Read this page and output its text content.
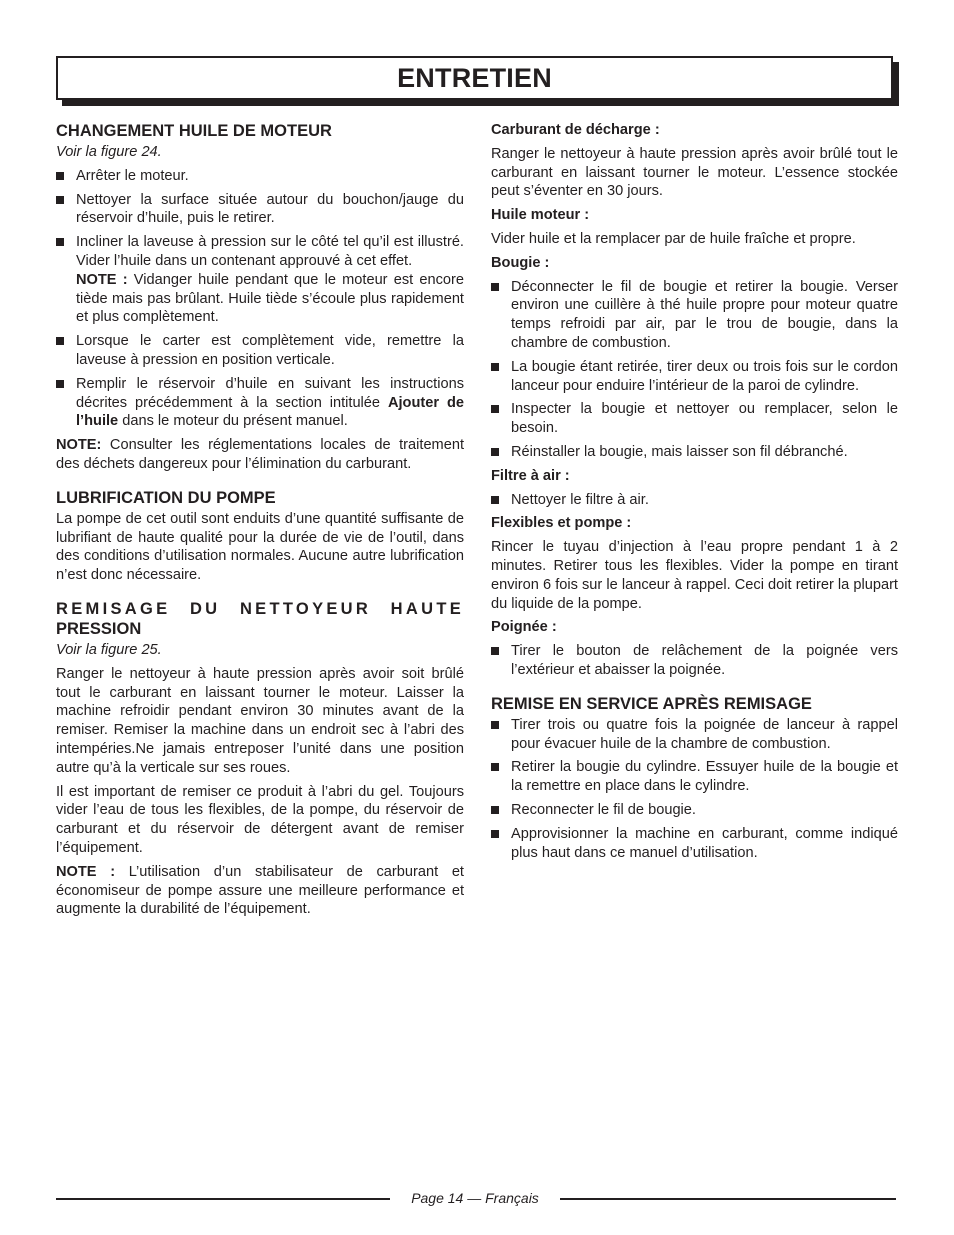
ENTRETIEN
CHANGEMENT HUILE DE MOTEUR

Voir la figure 24.

Arrêter le moteur.
Nettoyer la surface située autour du bouchon/jauge du réservoir d’huile, puis le retirer.
Incliner la laveuse à pression sur le côté tel qu’il est illustré. Vider l’huile dans un contenant approuvé à cet effet.
NOTE : Vidanger huile pendant que le moteur est encore tiède mais pas brûlant. Huile tiède s’écoule plus rapidement et plus complètement.
Lorsque le carter est complètement vide, remettre la laveuse à pression en position verticale.
Remplir le réservoir d’huile en suivant les instructions décrites précédemment à la section intitulée Ajouter de l’huile dans le moteur du présent manuel.

NOTE: Consulter les réglementations locales de traitement des déchets dangereux pour l’élimination du carburant.

LUBRIFICATION DU POMPE

La pompe de cet outil sont enduits d’une quantité suffisante de lubrifiant de haute qualité pour la durée de vie de l’outil, dans des conditions d’utilisation normales. Aucune autre lubrification n’est donc nécessaire.

REMISAGE DU NETTOYEUR HAUTE
PRESSION

Voir la figure 25.

Ranger le nettoyeur à haute pression après avoir soit brûlé tout le carburant en laissant tourner le moteur. Laisser la machine refroidir pendant environ 30 minutes avant de la remiser. Remiser la machine dans un endroit sec à l’abri des intempéries.Ne jamais entreposer l’unité dans une position autre qu’à la verticale sur ses roues.

Il est important de remiser ce produit à l’abri du gel. Toujours vider l’eau de tous les flexibles, de la pompe, du réservoir de carburant et du réservoir de détergent avant de remiser l’équipement.

NOTE : L’utilisation d’un stabilisateur de carburant et économiseur de pompe assure une meilleure performance et augmente la durabilité de l’équipement.

Carburant de décharge :

Ranger le nettoyeur à haute pression après avoir brûlé tout le carburant en laissant tourner le moteur. L’essence stockée peut s’éventer en 30 jours.

Huile moteur :

Vider huile et la remplacer par de huile fraîche et propre.

Bougie :
Déconnecter le fil de bougie et retirer la bougie. Verser environ une cuillère à thé huile propre pour moteur quatre temps refroidi par air, par le trou de bougie, dans la chambre de combustion.
La bougie étant retirée, tirer deux ou trois fois sur le cordon lanceur pour enduire l’intérieur de la paroi de cylindre.
Inspecter la bougie et nettoyer ou remplacer, selon le besoin.
Réinstaller la bougie, mais laisser son fil débranché.
Filtre à air :
Nettoyer le filtre à air.
Flexibles et pompe :

Rincer le tuyau d’injection à l’eau propre pendant 1 à 2 minutes. Retirer tous les flexibles. Vider la pompe en tirant environ 6 fois sur le lanceur à rappel. Ceci doit retirer la plupart du liquide de la pompe.

Poignée :
Tirer le bouton de relâchement de la poignée vers l’extérieur et abaisser la poignée.
REMISE EN SERVICE APRÈS REMISAGE
Tirer trois ou quatre fois la poignée de lanceur à rappel pour évacuer huile de la chambre de combustion.
Retirer la bougie du cylindre. Essuyer huile de la bougie et la remettre en place dans le cylindre.
Reconnecter le fil de bougie.
Approvisionner la machine en carburant, comme indiqué plus haut dans ce manuel d’utilisation.
Page 14 — Français
